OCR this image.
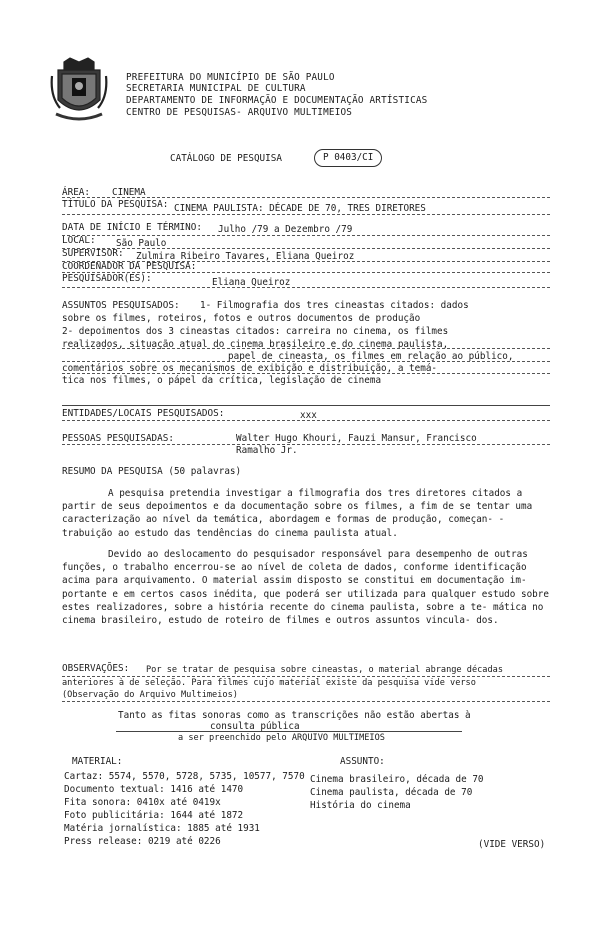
PREFEITURA DO MUNICÍPIO DE SÃO PAULO
SECRETARIA MUNICIPAL DE CULTURA
DEPARTAMENTO DE INFORMAÇÃO E DOCUMENTAÇÃO ARTÍSTICAS
CENTRO DE PESQUISAS- ARQUIVO MULTIMEIOS
CATÁLOGO DE PESQUISA	P 0403/CI
ÁREA: CINEMA
TÍTULO DA PESQUISA: CINEMA PAULISTA: DÉCADE DE 70, TRES DIRETORES
DATA DE INÍCIO E TÉRMINO: Julho /79 a Dezembro /79
LOCAL: São Paulo
SUPERVISOR: Zulmira Ribeiro Tavares, Eliana Queiroz
COORDENADOR DA PESQUISA:
PESQUISADOR(ES):	Eliana Queiroz
ASSUNTOS PESQUISADOS: 1- Filmografia dos tres cineastas citados: dados
sobre os filmes, roteiros, fotos e outros documentos de produção
2- depoimentos dos 3 cineastas citados: carreira no cinema, os filmes
realizados, situação atual do cinema brasileiro e do cinema paulista,
papel de cineasta, os filmes em relação ao público,
comentários sobre os mecanismos de exibição e distribuição, a temá-
tica nos filmes, o pápel da crítica, legislação de cinema
ENTIDADES/LOCAIS PESQUISADOS:	xxx
PESSOAS PESQUISADAS:	Walter Hugo Khouri, Fauzi Mansur, Francisco
Ramalho Jr.
RESUMO DA PESQUISA (50 palavras)
A pesquisa pretendia investigar a filmografia dos tres diretores citados a partir de seus depoimentos e da documentação sobre os filmes, a fim de se tentar uma caracterização ao nível da temática, abordagem e formas de produção, começan- -trabuição ao estudo das tendências do cinema paulista atual.
Devido ao deslocamento do pesquisador responsável para desempenho de outras funções, o trabalho encerrou-se ao nível de coleta de dados, conforme identificação acima para arquivamento. O material assim disposto se constitui em documentação im- portante e em certos casos inédita, que poderá ser utilizada para qualquer estudo sobre estes realizadores, sobre a história recente do cinema paulista, sobre a te- mática no cinema brasileiro, estudo de roteiro de filmes e outros assuntos vincula- dos.
OBSERVAÇÕES: Por se tratar de pesquisa sobre cineastas, o material abrange décadas
anteriores à de seleção. Para filmes cujo material existe da pesquisa vide verso
(Observação do Arquivo Multimeios)
Tanto as fitas sonoras como as transcrições não estão abertas à
consulta pública
a ser preenchido pelo ARQUIVO MULTIMEIOS
MATERIAL:
Cartaz: 5574, 5570, 5728, 5735, 10577, 7570
Documento textual: 1416 até 1470
Fita sonora: 0410x até 0419x
Foto publicitária: 1644 até 1872
Matéria jornalística: 1885 até 1931
Press release: 0219 até 0226
ASSUNTO:
Cinema brasileiro, década de 70
Cinema paulista, década de 70
História do cinema
(VIDE VERSO)
